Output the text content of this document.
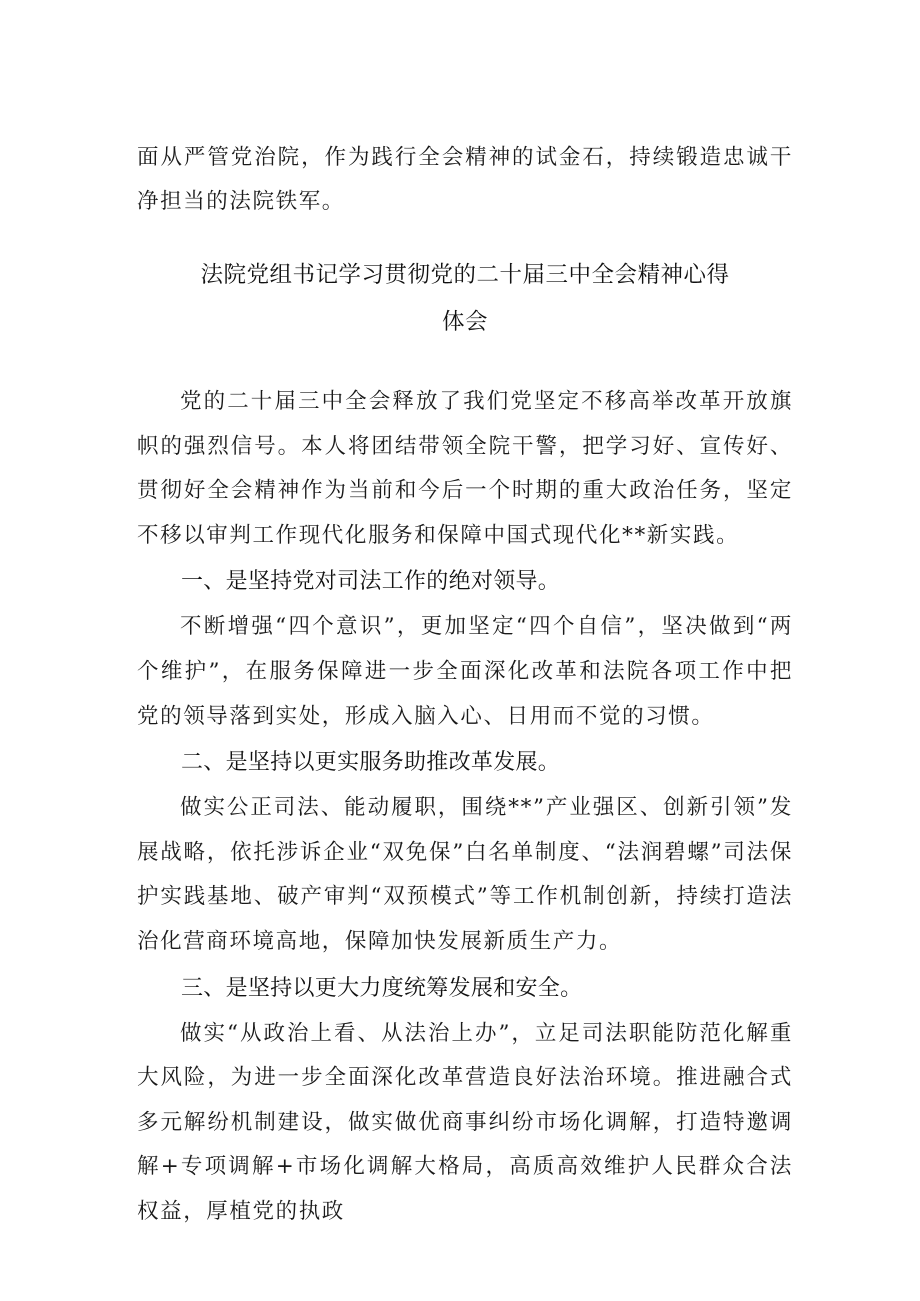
面从严管党治院，作为践行全会精神的试金石，持续锻造忠诚干净担当的法院铁军。

法院党组书记学习贯彻党的二十届三中全会精神心得
体会

党的二十届三中全会释放了我们党坚定不移高举改革开放旗帜的强烈信号。本人将团结带领全院干警，把学习好、宣传好、贯彻好全会精神作为当前和今后一个时期的重大政治任务，坚定不移以审判工作现代化服务和保障中国式现代化**新实践。

一、是坚持党对司法工作的绝对领导。

不断增强“四个意识”，更加坚定“四个自信”，坚决做到“两个维护”，在服务保障进一步全面深化改革和法院各项工作中把党的领导落到实处，形成入脑入心、日用而不觉的习惯。

二、是坚持以更实服务助推改革发展。

做实公正司法、能动履职，围绕**”产业强区、创新引领”发展战略，依托涉诉企业“双免保”白名单制度、“法润碧螺”司法保护实践基地、破产审判“双预模式”等工作机制创新，持续打造法治化营商环境高地，保障加快发展新质生产力。

三、是坚持以更大力度统筹发展和安全。

做实“从政治上看、从法治上办”，立足司法职能防范化解重大风险，为进一步全面深化改革营造良好法治环境。推进融合式多元解纷机制建设，做实做优商事纠纷市场化调解，打造特邀调解+专项调解+市场化调解大格局，高质高效维护人民群众合法权益，厚植党的执政
